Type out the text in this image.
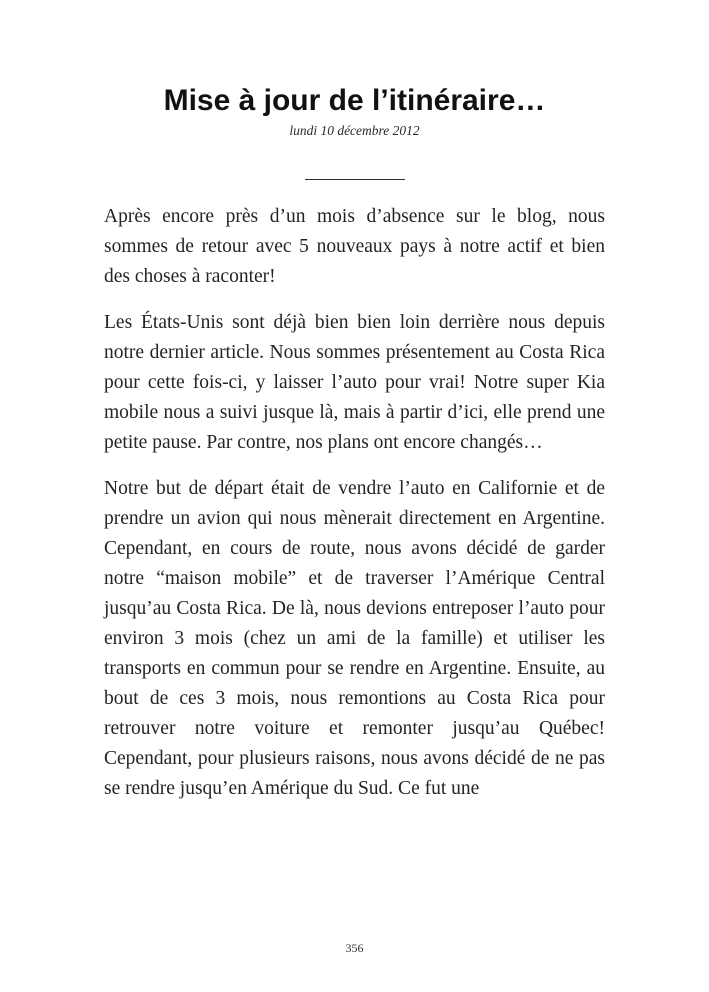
Mise à jour de l’itinéraire…
lundi 10 décembre 2012

Après encore près d’un mois d’absence sur le blog, nous sommes de retour avec 5 nouveaux pays à notre actif et bien des choses à raconter!

Les États-Unis sont déjà bien bien loin derrière nous depuis notre dernier article. Nous sommes présentement au Costa Rica pour cette fois-ci, y laisser l’auto pour vrai! Notre super Kia mobile nous a suivi jusque là, mais à partir d’ici, elle prend une petite pause. Par contre, nos plans ont encore changés…

Notre but de départ était de vendre l’auto en Californie et de prendre un avion qui nous mènerait directement en Argentine. Cependant, en cours de route, nous avons décidé de garder notre “maison mobile” et de traverser l’Amérique Central jusqu’au Costa Rica. De là, nous devions entreposer l’auto pour environ 3 mois (chez un ami de la famille) et utiliser les transports en commun pour se rendre en Argentine. Ensuite, au bout de ces 3 mois, nous remontions au Costa Rica pour retrouver notre voiture et remonter jusqu’au Québec! Cependant, pour plusieurs raisons, nous avons décidé de ne pas se rendre jusqu’en Amérique du Sud. Ce fut une

356
